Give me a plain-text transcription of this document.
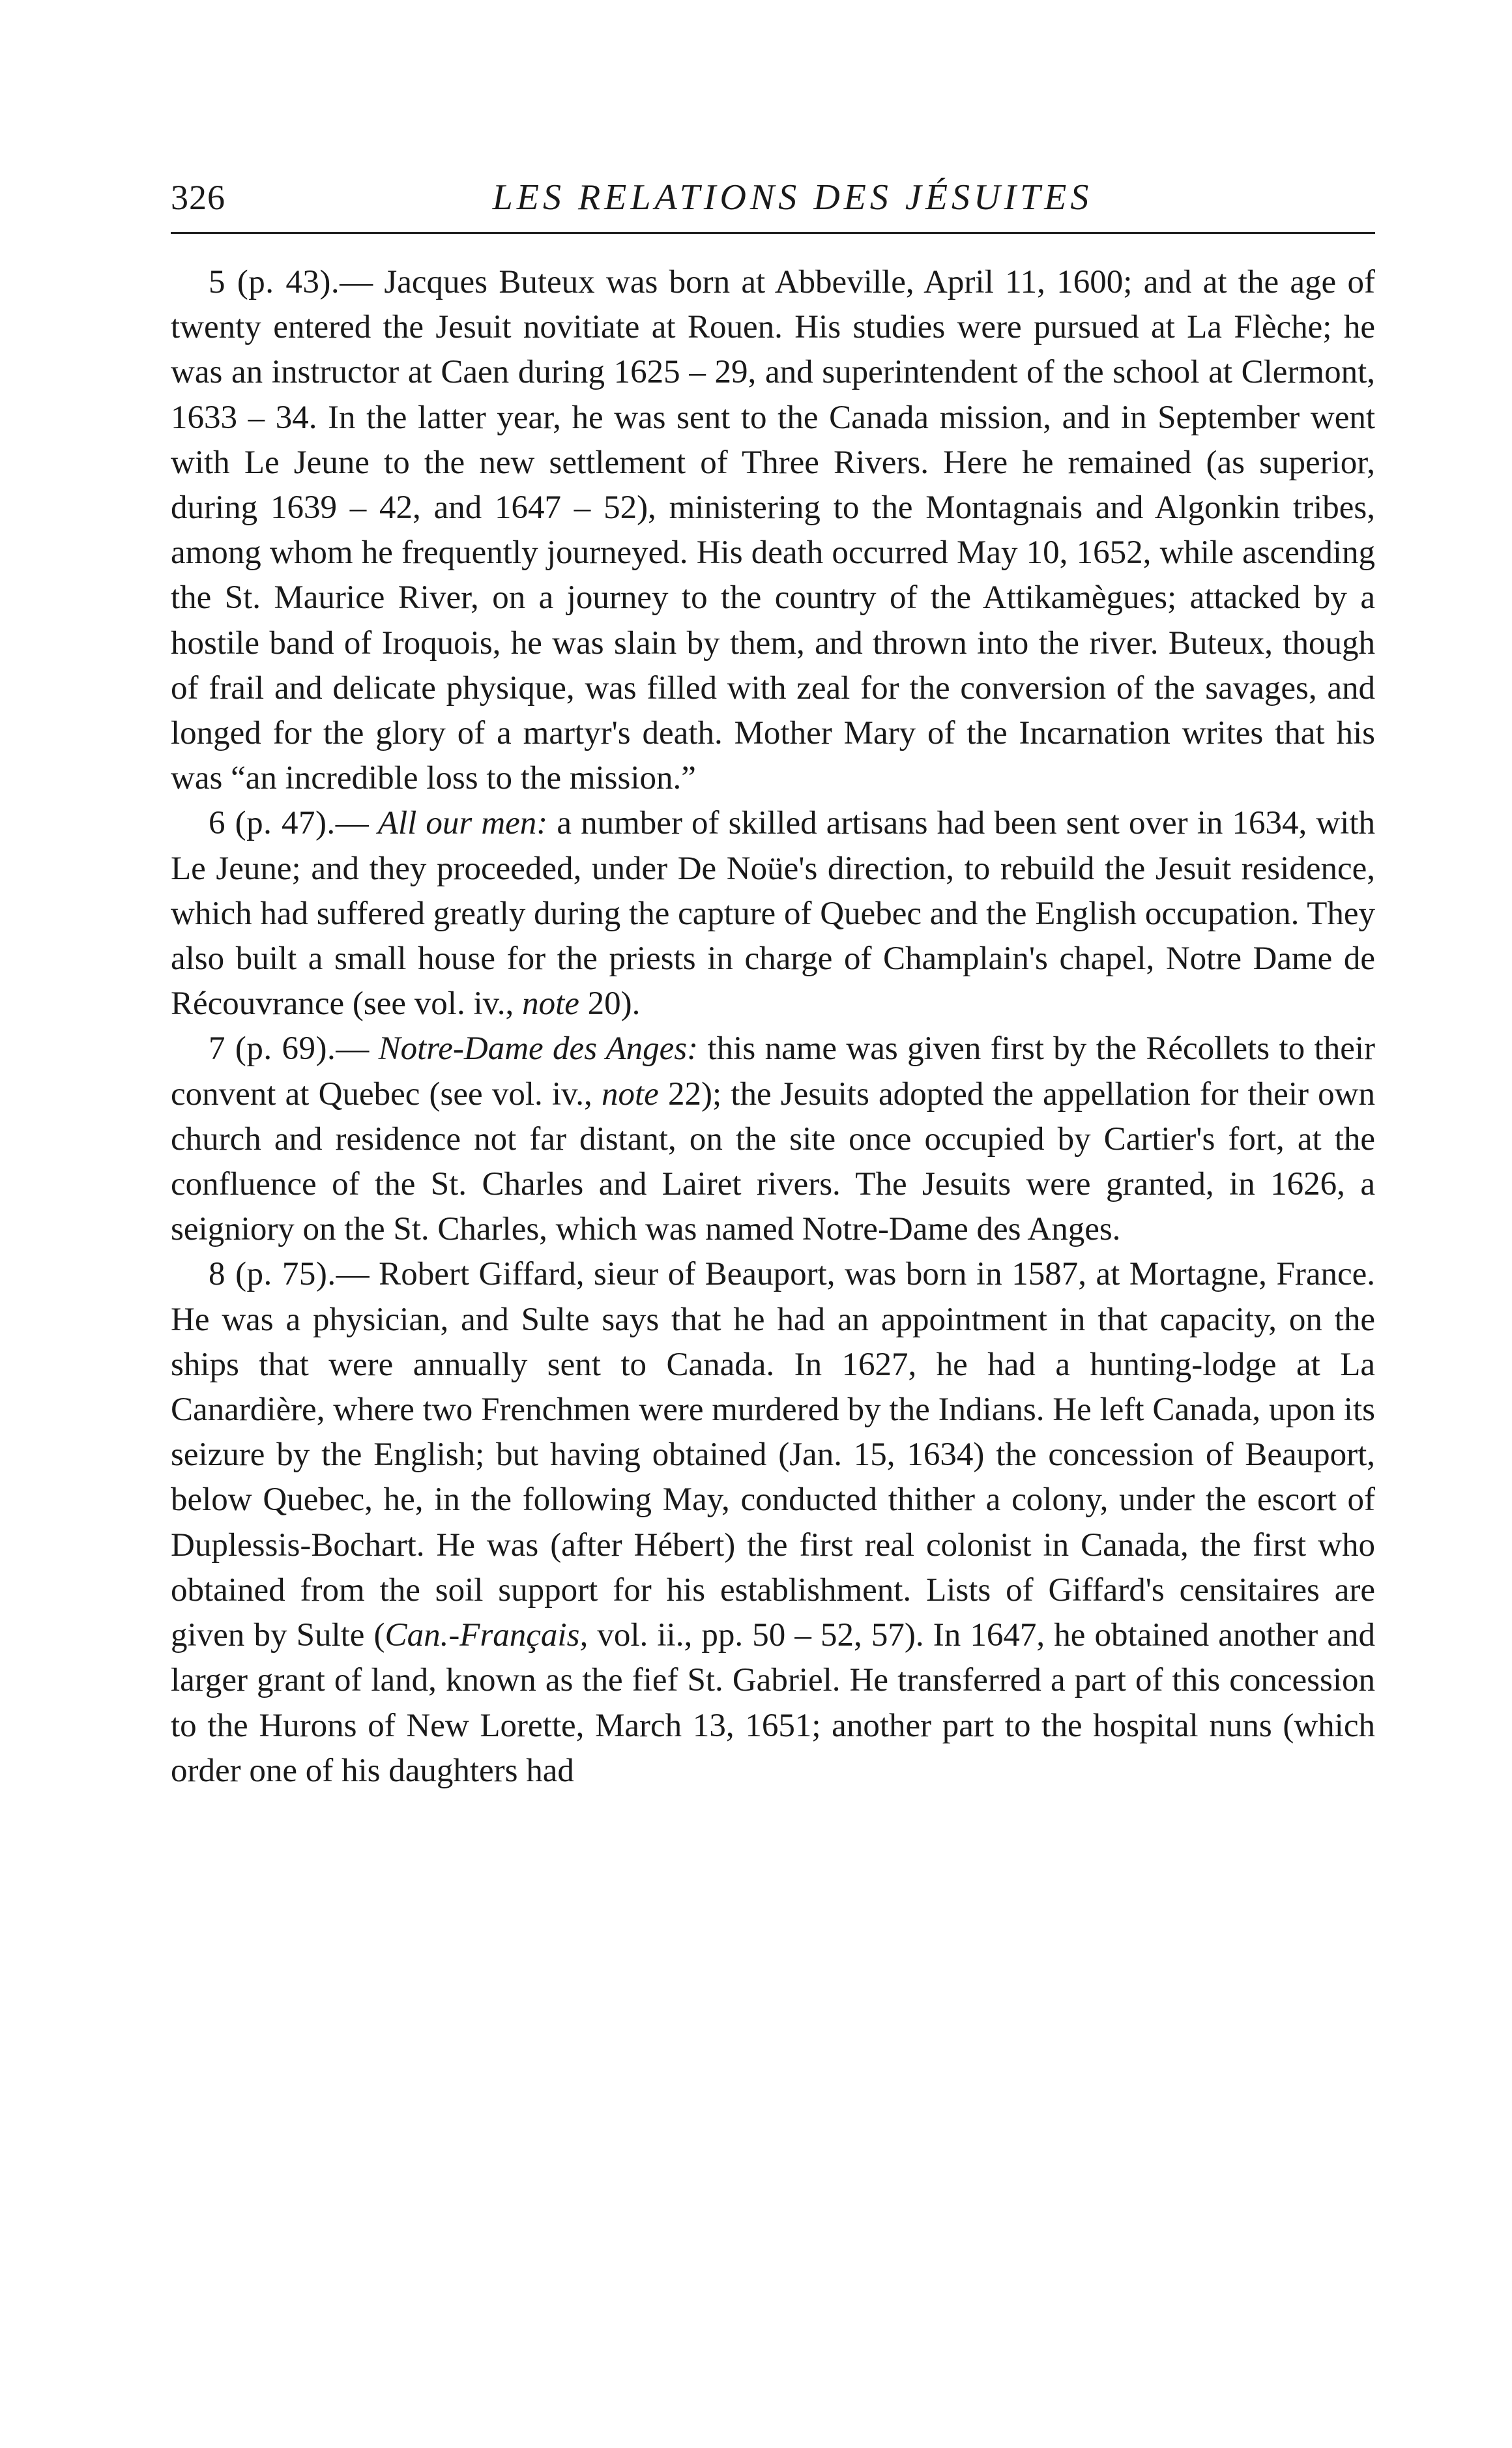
326	LES RELATIONS DES JÉSUITES

5 (p. 43).— Jacques Buteux was born at Abbeville, April 11, 1600; and at the age of twenty entered the Jesuit novitiate at Rouen. His studies were pursued at La Flèche; he was an instructor at Caen during 1625 – 29, and superintendent of the school at Clermont, 1633 – 34. In the latter year, he was sent to the Canada mission, and in September went with Le Jeune to the new settlement of Three Rivers. Here he remained (as superior, during 1639 – 42, and 1647 – 52), ministering to the Montagnais and Algonkin tribes, among whom he frequently journeyed. His death occurred May 10, 1652, while ascending the St. Maurice River, on a journey to the country of the Attikamègues; attacked by a hostile band of Iroquois, he was slain by them, and thrown into the river. Buteux, though of frail and delicate physique, was filled with zeal for the conversion of the savages, and longed for the glory of a martyr's death. Mother Mary of the Incarnation writes that his was “an incredible loss to the mission.”

6 (p. 47).— All our men: a number of skilled artisans had been sent over in 1634, with Le Jeune; and they proceeded, under De Noüe's direction, to rebuild the Jesuit residence, which had suffered greatly during the capture of Quebec and the English occupation. They also built a small house for the priests in charge of Champlain's chapel, Notre Dame de Récouvrance (see vol. iv., note 20).

7 (p. 69).— Notre-Dame des Anges: this name was given first by the Récollets to their convent at Quebec (see vol. iv., note 22); the Jesuits adopted the appellation for their own church and residence not far distant, on the site once occupied by Cartier's fort, at the confluence of the St. Charles and Lairet rivers. The Jesuits were granted, in 1626, a seigniory on the St. Charles, which was named Notre-Dame des Anges.

8 (p. 75).— Robert Giffard, sieur of Beauport, was born in 1587, at Mortagne, France. He was a physician, and Sulte says that he had an appointment in that capacity, on the ships that were annually sent to Canada. In 1627, he had a hunting-lodge at La Canardière, where two Frenchmen were murdered by the Indians. He left Canada, upon its seizure by the English; but having obtained (Jan. 15, 1634) the concession of Beauport, below Quebec, he, in the following May, conducted thither a colony, under the escort of Duplessis-Bochart. He was (after Hébert) the first real colonist in Canada, the first who obtained from the soil support for his establishment. Lists of Giffard's censitaires are given by Sulte (Can.-Français, vol. ii., pp. 50 – 52, 57). In 1647, he obtained another and larger grant of land, known as the fief St. Gabriel. He transferred a part of this concession to the Hurons of New Lorette, March 13, 1651; another part to the hospital nuns (which order one of his daughters had
